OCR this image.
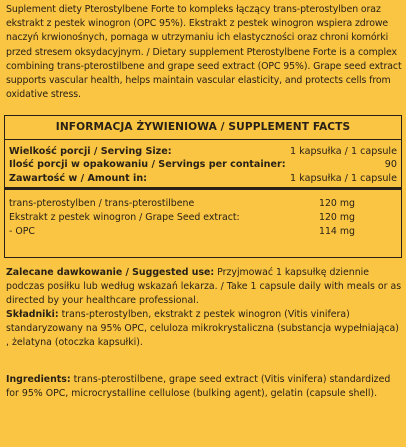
Suplement diety Pterostylbene Forte to kompleks łączący trans-pterostylben oraz ekstrakt z pestek winogron (OPC 95%). Ekstrakt z pestek winogron wspiera zdrowe naczyń krwionośnych, pomaga w utrzymaniu ich elastyczności oraz chroni komórki przed stresem oksydacyjnym. / Dietary supplement Pterostylbene Forte is a complex combining trans-pterostilbene and grape seed extract (OPC 95%). Grape seed extract supports vascular health, helps maintain vascular elasticity, and protects cells from oxidative stress.
INFORMACJA ŻYWIENIOWA / SUPPLEMENT FACTS
Wielkość porcji / Serving Size:	1 kapsułka / 1 capsule
Ilość porcji w opakowaniu / Servings per container:	90
Zawartość w / Amount in:	1 kapsułka / 1 capsule
trans-pterostylben / trans-pterostilbene	120 mg
Ekstrakt z pestek winogron / Grape Seed extract:	120 mg
- OPC	114 mg
Zalecane dawkowanie / Suggested use: Przyjmować 1 kapsułkę dziennie podczas posiłku lub według wskazań lekarza. / Take 1 capsule daily with meals or as directed by your healthcare professional.
Składniki: trans-pterostylben, ekstrakt z pestek winogron (Vitis vinifera) standaryzowany na 95% OPC, celuloza mikrokrystaliczna (substancja wypełniająca) , żelatyna (otoczka kapsułki).
Ingredients: trans-pterostilbene, grape seed extract (Vitis vinifera) standardized for 95% OPC, microcrystalline cellulose (bulking agent), gelatin (capsule shell).
